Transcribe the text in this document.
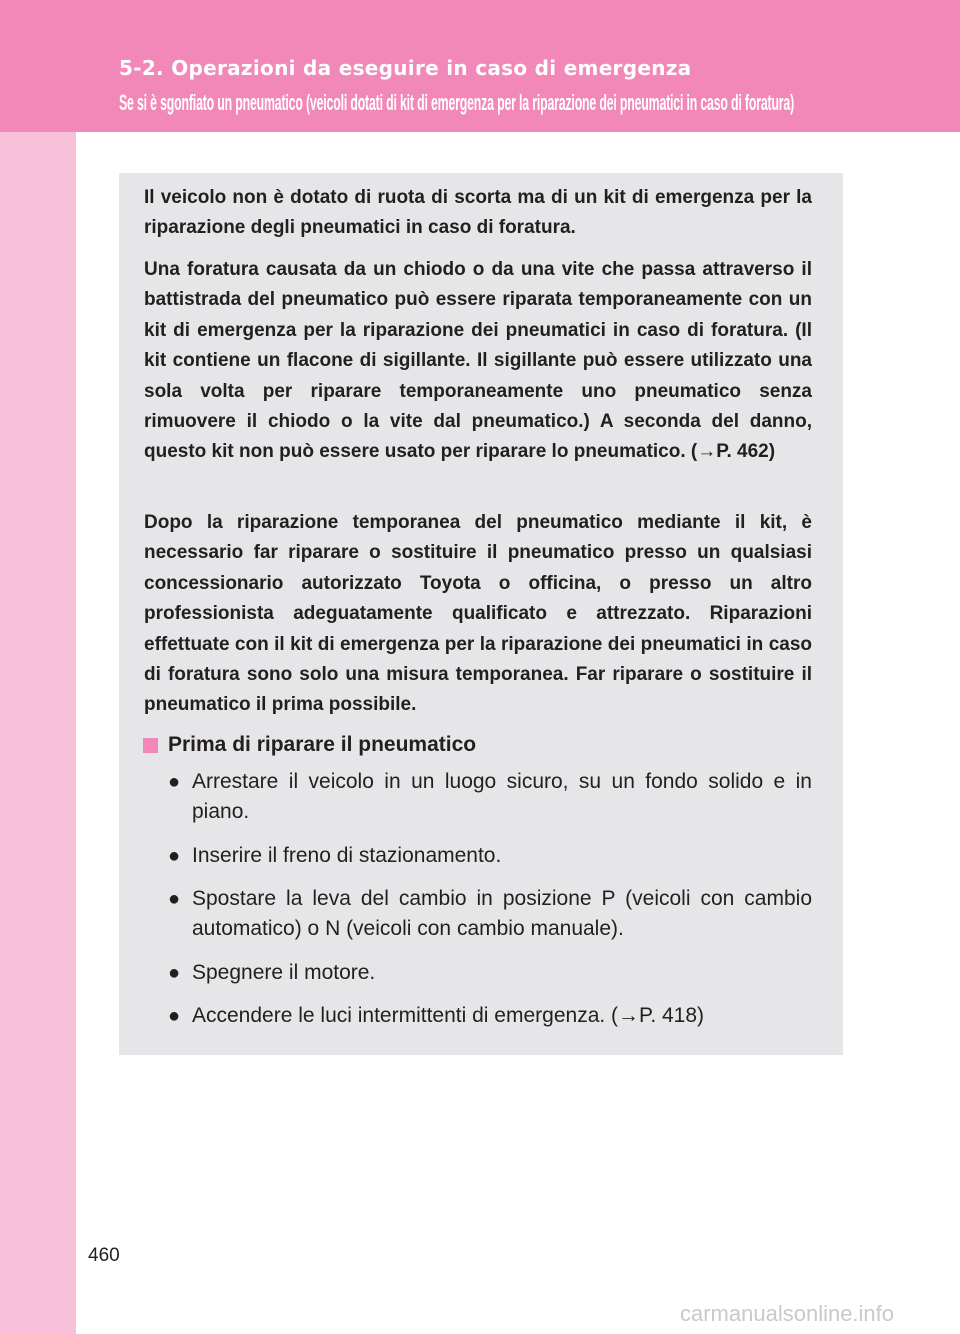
5-2. Operazioni da eseguire in caso di emergenza
Se si è sgonfiato un pneumatico (veicoli dotati di kit di emergenza per la riparazione dei pneumatici in caso di foratura)

Il veicolo non è dotato di ruota di scorta ma di un kit di emergenza per la riparazione degli pneumatici in caso di foratura.

Una foratura causata da un chiodo o da una vite che passa attraverso il battistrada del pneumatico può essere riparata temporaneamente con un kit di emergenza per la riparazione dei pneumatici in caso di foratura. (Il kit contiene un flacone di sigillante. Il sigillante può essere utilizzato una sola volta per riparare temporaneamente uno pneumatico senza rimuovere il chiodo o la vite dal pneumatico.) A seconda del danno, questo kit non può essere usato per riparare lo pneumatico. (→P. 462)

Dopo la riparazione temporanea del pneumatico mediante il kit, è necessario far riparare o sostituire il pneumatico presso un qualsiasi concessionario autorizzato Toyota o officina, o presso un altro professionista adeguatamente qualificato e attrezzato. Riparazioni effettuate con il kit di emergenza per la riparazione dei pneumatici in caso di foratura sono solo una misura temporanea. Far riparare o sostituire il pneumatico il prima possibile.

Prima di riparare il pneumatico
● Arrestare il veicolo in un luogo sicuro, su un fondo solido e in piano.
● Inserire il freno di stazionamento.
● Spostare la leva del cambio in posizione P (veicoli con cambio automatico) o N (veicoli con cambio manuale).
● Spegnere il motore.
● Accendere le luci intermittenti di emergenza. (→P. 418)
460
carmanualsonline.info
